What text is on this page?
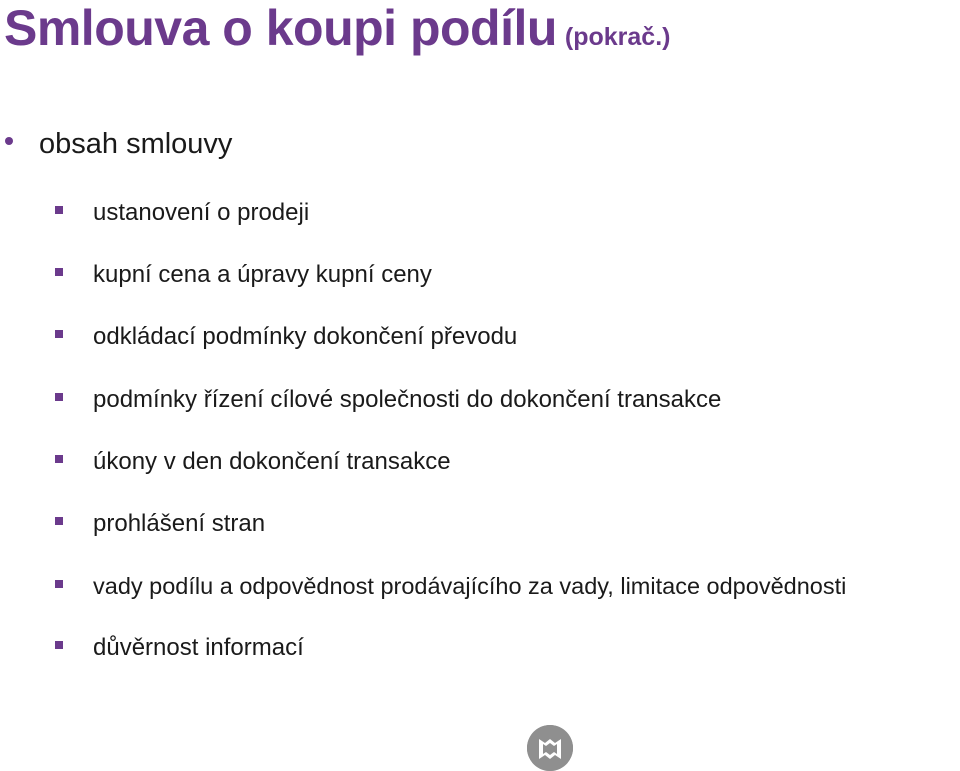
Smlouva o koupi podílu (pokrač.)
obsah smlouvy
ustanovení o prodeji
kupní cena a úpravy kupní ceny
odkládací podmínky dokončení převodu
podmínky řízení cílové společnosti do dokončení transakce
úkony v den dokončení transakce
prohlášení stran
vady podílu a odpovědnost prodávajícího za vady, limitace odpovědnosti
důvěrnost informací
